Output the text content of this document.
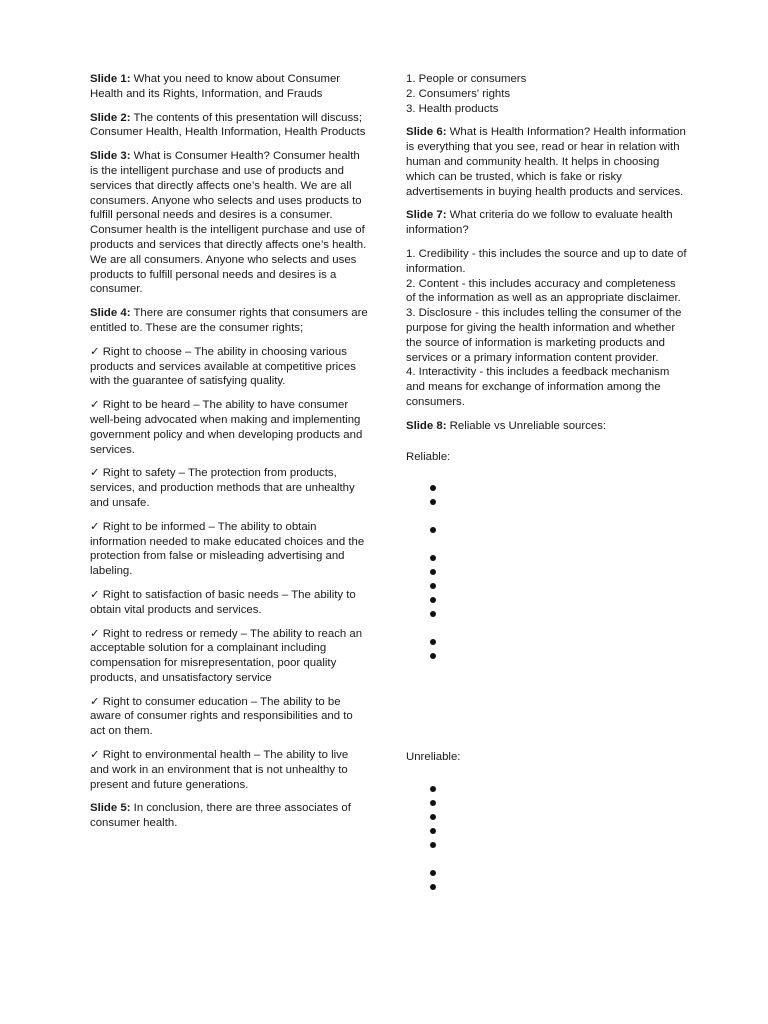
Slide 1: What you need to know about Consumer Health and its Rights, Information, and Frauds

Slide 2: The contents of this presentation will discuss; Consumer Health, Health Information, Health Products

Slide 3: What is Consumer Health? Consumer health is the intelligent purchase and use of products and services that directly affects one’s health. We are all consumers. Anyone who selects and uses products to fulfill personal needs and desires is a consumer. Consumer health is the intelligent purchase and use of products and services that directly affects one’s health. We are all consumers. Anyone who selects and uses products to fulfill personal needs and desires is a consumer.

Slide 4: There are consumer rights that consumers are entitled to. These are the consumer rights;

✓ Right to choose – The ability in choosing various products and services available at competitive prices with the guarantee of satisfying quality.

✓ Right to be heard – The ability to have consumer well-being advocated when making and implementing government policy and when developing products and services.

✓ Right to safety – The protection from products, services, and production methods that are unhealthy and unsafe.

✓ Right to be informed – The ability to obtain information needed to make educated choices and the protection from false or misleading advertising and labeling.

✓ Right to satisfaction of basic needs – The ability to obtain vital products and services.

✓ Right to redress or remedy – The ability to reach an acceptable solution for a complainant including compensation for misrepresentation, poor quality products, and unsatisfactory service

✓ Right to consumer education – The ability to be aware of consumer rights and responsibilities and to act on them.

✓ Right to environmental health – The ability to live and work in an environment that is not unhealthy to present and future generations.

Slide 5: In conclusion, there are three associates of consumer health.

1. People or consumers

2. Consumers' rights

3. Health products

Slide 6: What is Health Information? Health information is everything that you see, read or hear in relation with human and community health. It helps in choosing which can be trusted, which is fake or risky advertisements in buying health products and services.

Slide 7: What criteria do we follow to evaluate health information?

1. Credibility - this includes the source and up to date of information.

2. Content - this includes accuracy and completeness of the information as well as an appropriate disclaimer.

3. Disclosure - this includes telling the consumer of the purpose for giving the health information and whether the source of information is marketing products and services or a primary information content provider.

4. Interactivity - this includes a feedback mechanism and means for exchange of information among the consumers.

Slide 8: Reliable vs Unreliable sources:

Reliable:

Unreliable:
